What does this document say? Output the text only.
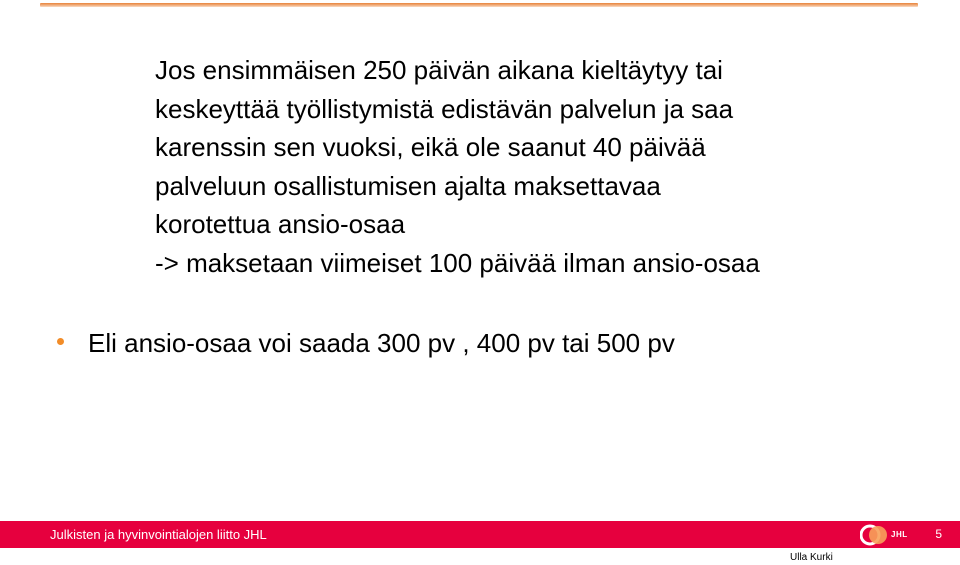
Jos ensimmäisen 250 päivän aikana kieltäytyy tai
keskeyttää työllistymistä edistävän palvelun ja saa
karenssin sen vuoksi, eikä ole saanut 40 päivää
palveluun osallistumisen ajalta maksettavaa
korotettua ansio-osaa
-> maksetaan viimeiset 100 päivää ilman ansio-osaa
Eli ansio-osaa voi saada 300 pv , 400 pv tai 500 pv
Julkisten ja hyvinvointialojen liitto JHL	JHL 5
Ulla Kurki
